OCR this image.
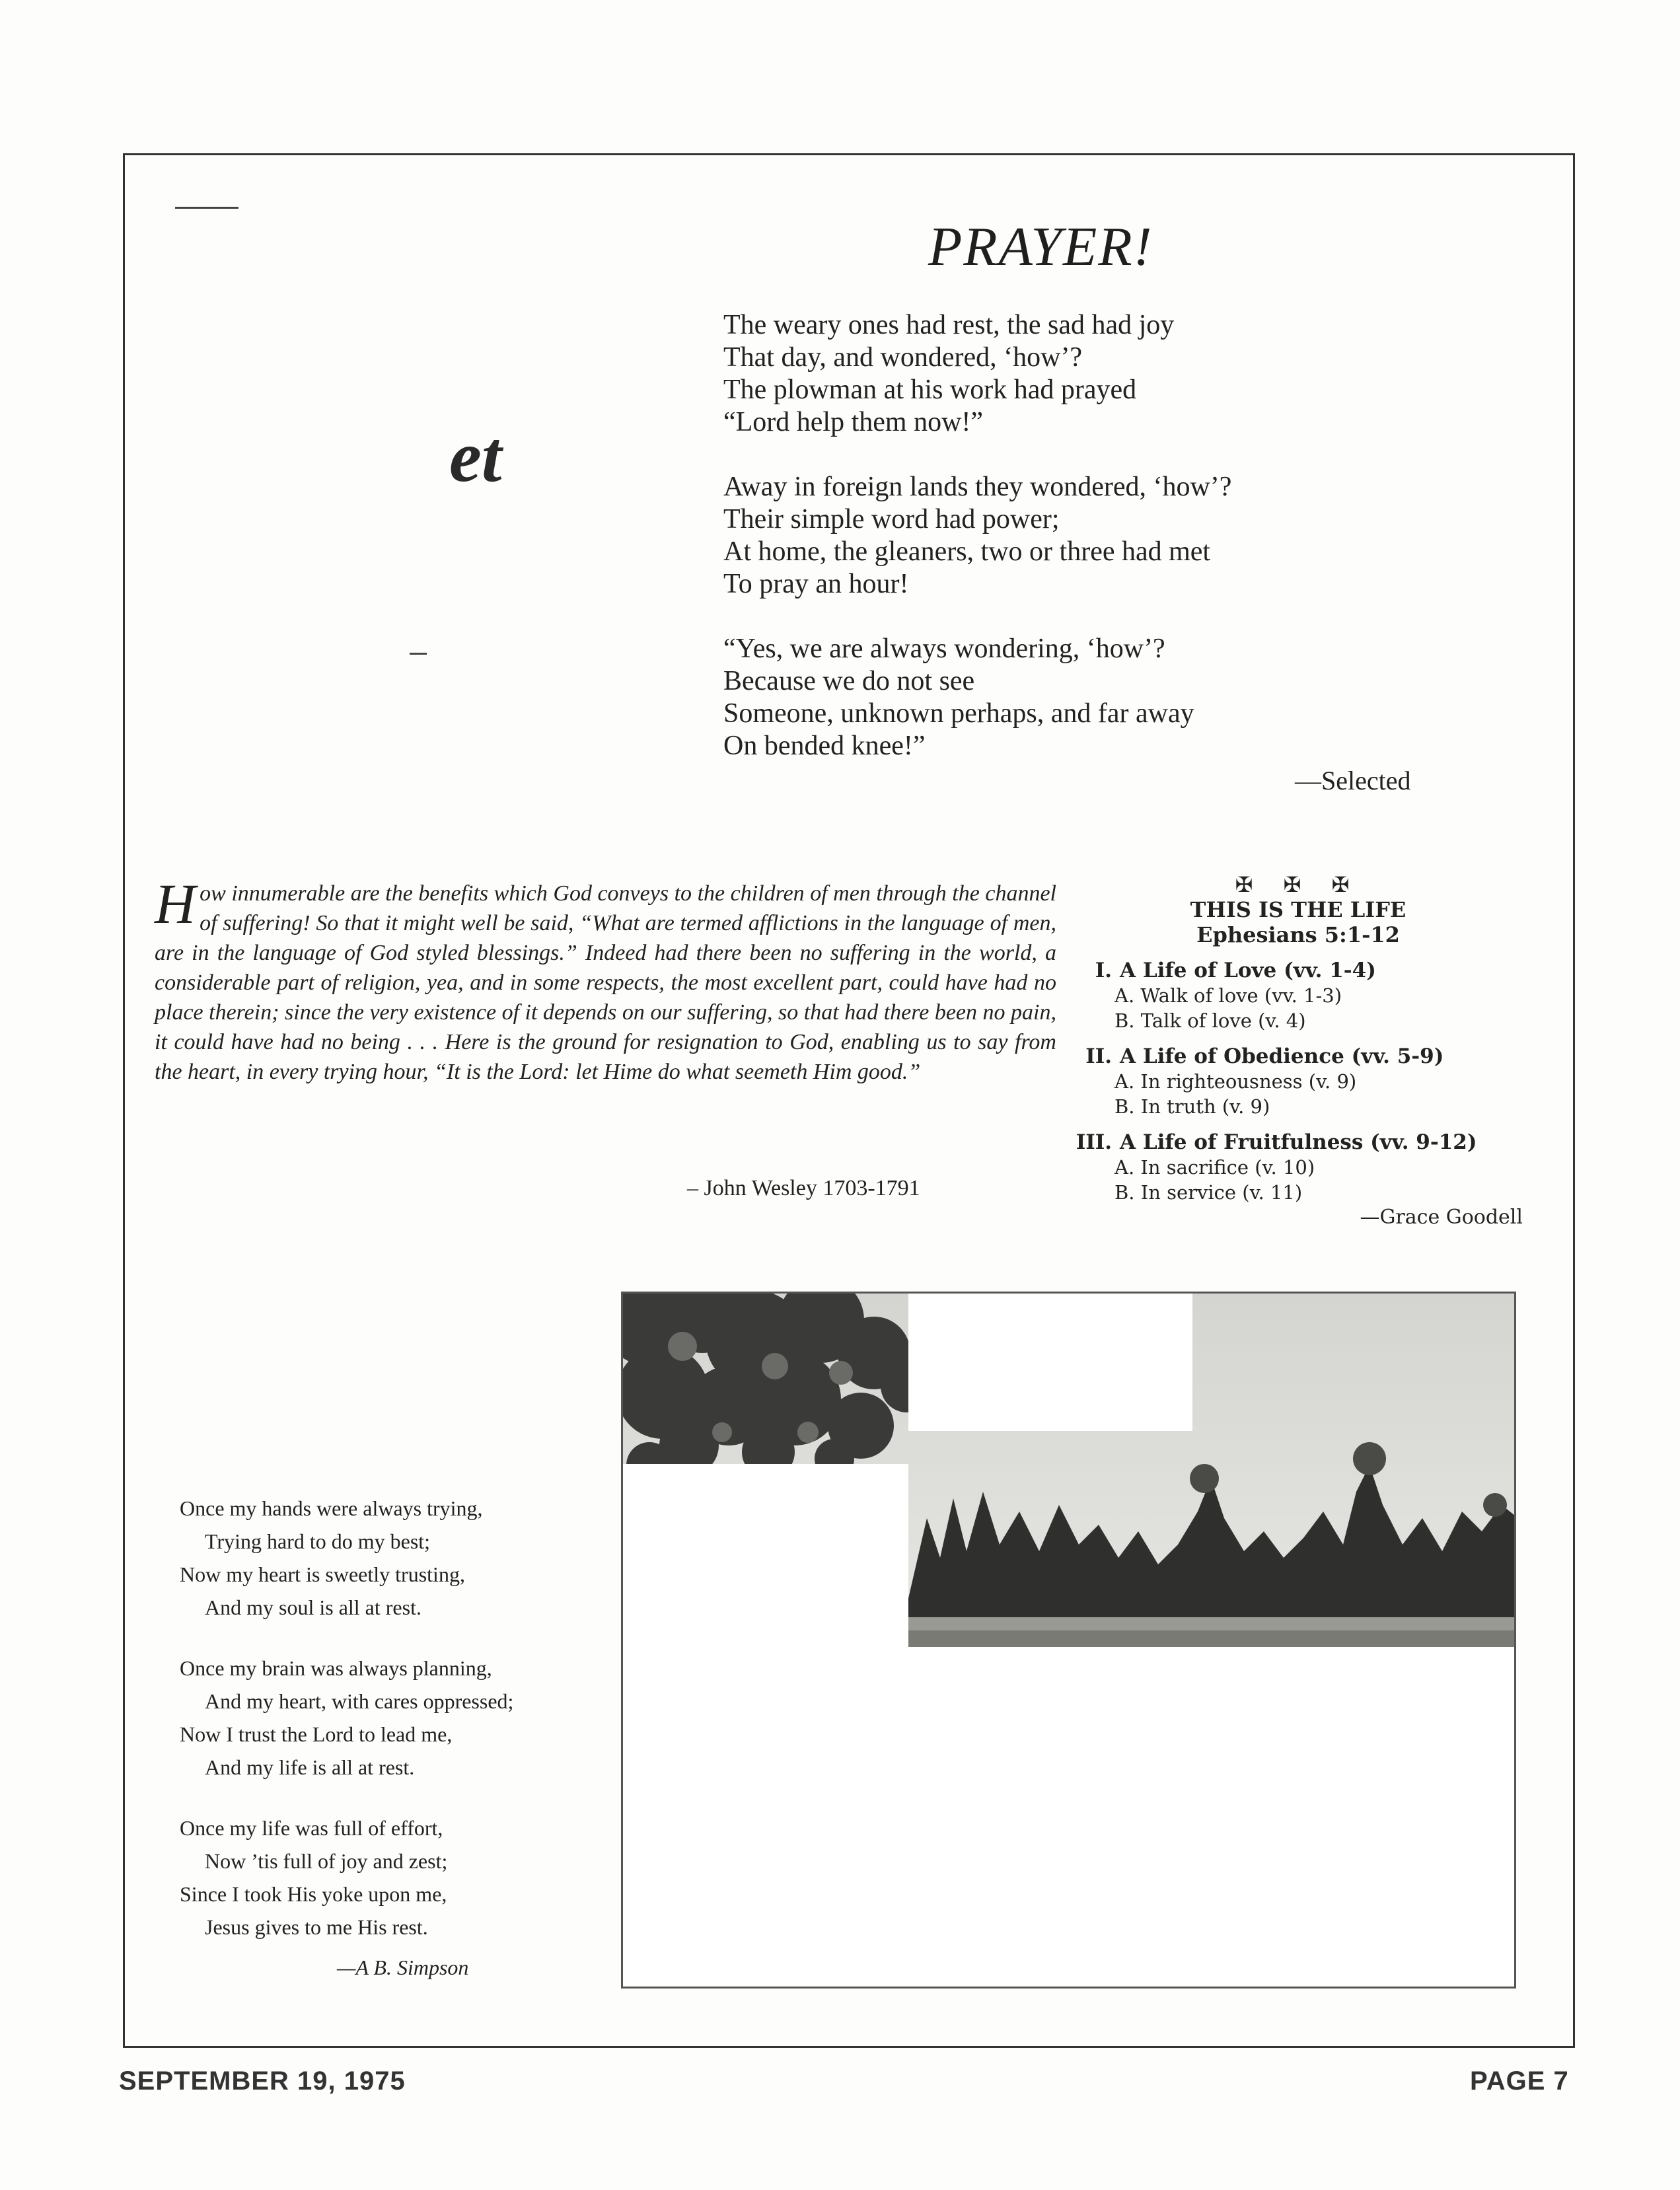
et
PRAYER!
The weary ones had rest, the sad had joy
That day, and wondered, ‘how’?
The plowman at his work had prayed
“Lord help them now!”
Away in foreign lands they wondered, ‘how’?
Their simple word had power;
At home, the gleaners, two or three had met
To pray an hour!
“Yes, we are always wondering, ‘how’?
Because we do not see
Someone, unknown perhaps, and far away
On bended knee!”
—Selected
How innumerable are the benefits which God conveys to the children of men through the channel of suffering! So that it might well be said, “What are termed afflictions in the language of men, are in the language of God styled blessings.” Indeed had there been no suffering in the world, a considerable part of religion, yea, and in some respects, the most excellent part, could have had no place therein; since the very existence of it depends on our suffering, so that had there been no pain, it could have had no being . . . Here is the ground for resignation to God, enabling us to say from the heart, in every trying hour, “It is the Lord: let Hime do what seemeth Him good.”
– John Wesley 1703-1791
✠ ✠ ✠
THIS IS THE LIFE
Ephesians 5:1-12
I. A Life of Love (vv. 1-4)
A. Walk of love (vv. 1-3)
B. Talk of love (v. 4)
II. A Life of Obedience (vv. 5-9)
A. In righteousness (v. 9)
B. In truth (v. 9)
III. A Life of Fruitfulness (vv. 9-12)
A. In sacrifice (v. 10)
B. In service (v. 11)
—Grace Goodell
Once my hands were always trying,
Trying hard to do my best;
Now my heart is sweetly trusting,
And my soul is all at rest.
Once my brain was always planning,
And my heart, with cares oppressed;
Now I trust the Lord to lead me,
And my life is all at rest.
Once my life was full of effort,
Now ’tis full of joy and zest;
Since I took His yoke upon me,
Jesus gives to me His rest.
—A B. Simpson
SEPTEMBER 19, 1975	PAGE 7
